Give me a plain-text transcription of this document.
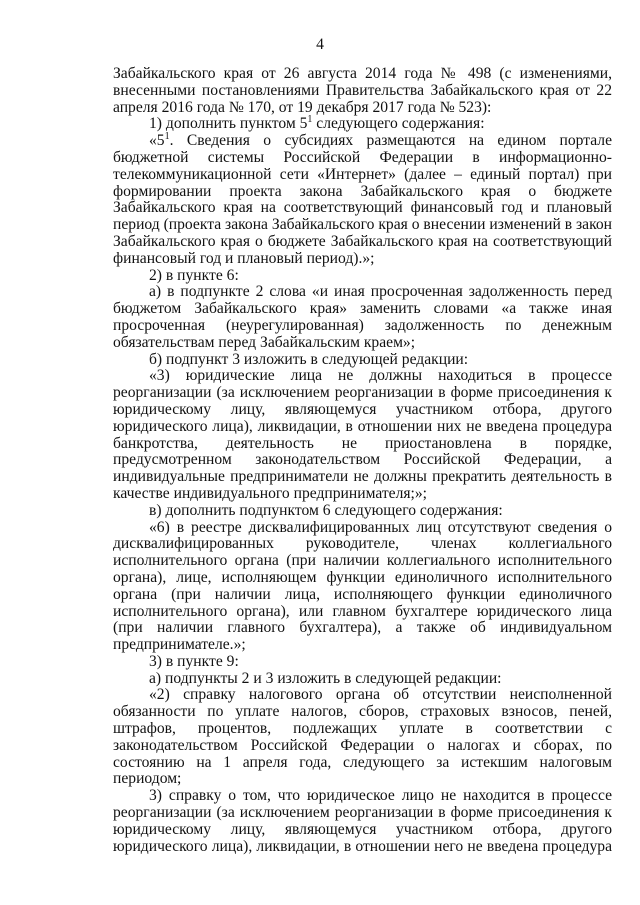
4

Забайкальского края от 26 августа 2014 года № 498 (с изменениями, внесенными постановлениями Правительства Забайкальского края от 22 апреля 2016 года № 170, от 19 декабря 2017 года № 523):

1) дополнить пунктом $5^1$ следующего содержания:

«$5^1$. Сведения о субсидиях размещаются на едином портале бюджетной системы Российской Федерации в информационно-телекоммуникационной сети «Интернет» (далее – единый портал) при формировании проекта закона Забайкальского края о бюджете Забайкальского края на соответствующий финансовый год и плановый период (проекта закона Забайкальского края о внесении изменений в закон Забайкальского края о бюджете Забайкальского края на соответствующий финансовый год и плановый период).»;

2) в пункте 6:

а) в подпункте 2 слова «и иная просроченная задолженность перед бюджетом Забайкальского края» заменить словами «а также иная просроченная (неурегулированная) задолженность по денежным обязательствам перед Забайкальским краем»;

б) подпункт 3 изложить в следующей редакции:

«3) юридические лица не должны находиться в процессе реорганизации (за исключением реорганизации в форме присоединения к юридическому лицу, являющемуся участником отбора, другого юридического лица), ликвидации, в отношении них не введена процедура банкротства, деятельность не приостановлена в порядке, предусмотренном законодательством Российской Федерации, а индивидуальные предприниматели не должны прекратить деятельность в качестве индивидуального предпринимателя;»;

в) дополнить подпунктом 6 следующего содержания:

«6) в реестре дисквалифицированных лиц отсутствуют сведения о дисквалифицированных руководителе, членах коллегиального исполнительного органа (при наличии коллегиального исполнительного органа), лице, исполняющем функции единоличного исполнительного органа (при наличии лица, исполняющего функции единоличного исполнительного органа), или главном бухгалтере юридического лица (при наличии главного бухгалтера), а также об индивидуальном предпринимателе.»;

3) в пункте 9:

а) подпункты 2 и 3 изложить в следующей редакции:

«2) справку налогового органа об отсутствии неисполненной обязанности по уплате налогов, сборов, страховых взносов, пеней, штрафов, процентов, подлежащих уплате в соответствии с законодательством Российской Федерации о налогах и сборах, по состоянию на 1 апреля года, следующего за истекшим налоговым периодом;

3) справку о том, что юридическое лицо не находится в процессе реорганизации (за исключением реорганизации в форме присоединения к юридическому лицу, являющемуся участником отбора, другого юридического лица), ликвидации, в отношении него не введена процедура
